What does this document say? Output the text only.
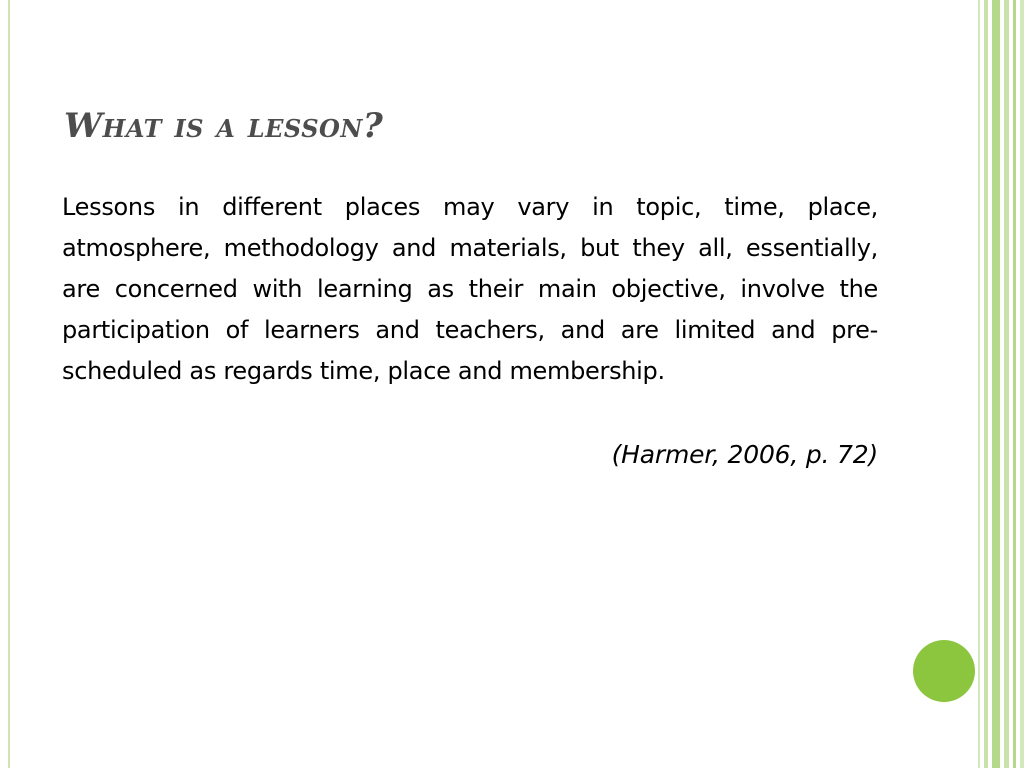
What is a lesson?

Lessons in different places may vary in topic, time, place, atmosphere, methodology and materials, but they all, essentially, are concerned with learning as their main objective, involve the participation of learners and teachers, and are limited and pre-scheduled as regards time, place and membership.

(Harmer, 2006, p. 72)
